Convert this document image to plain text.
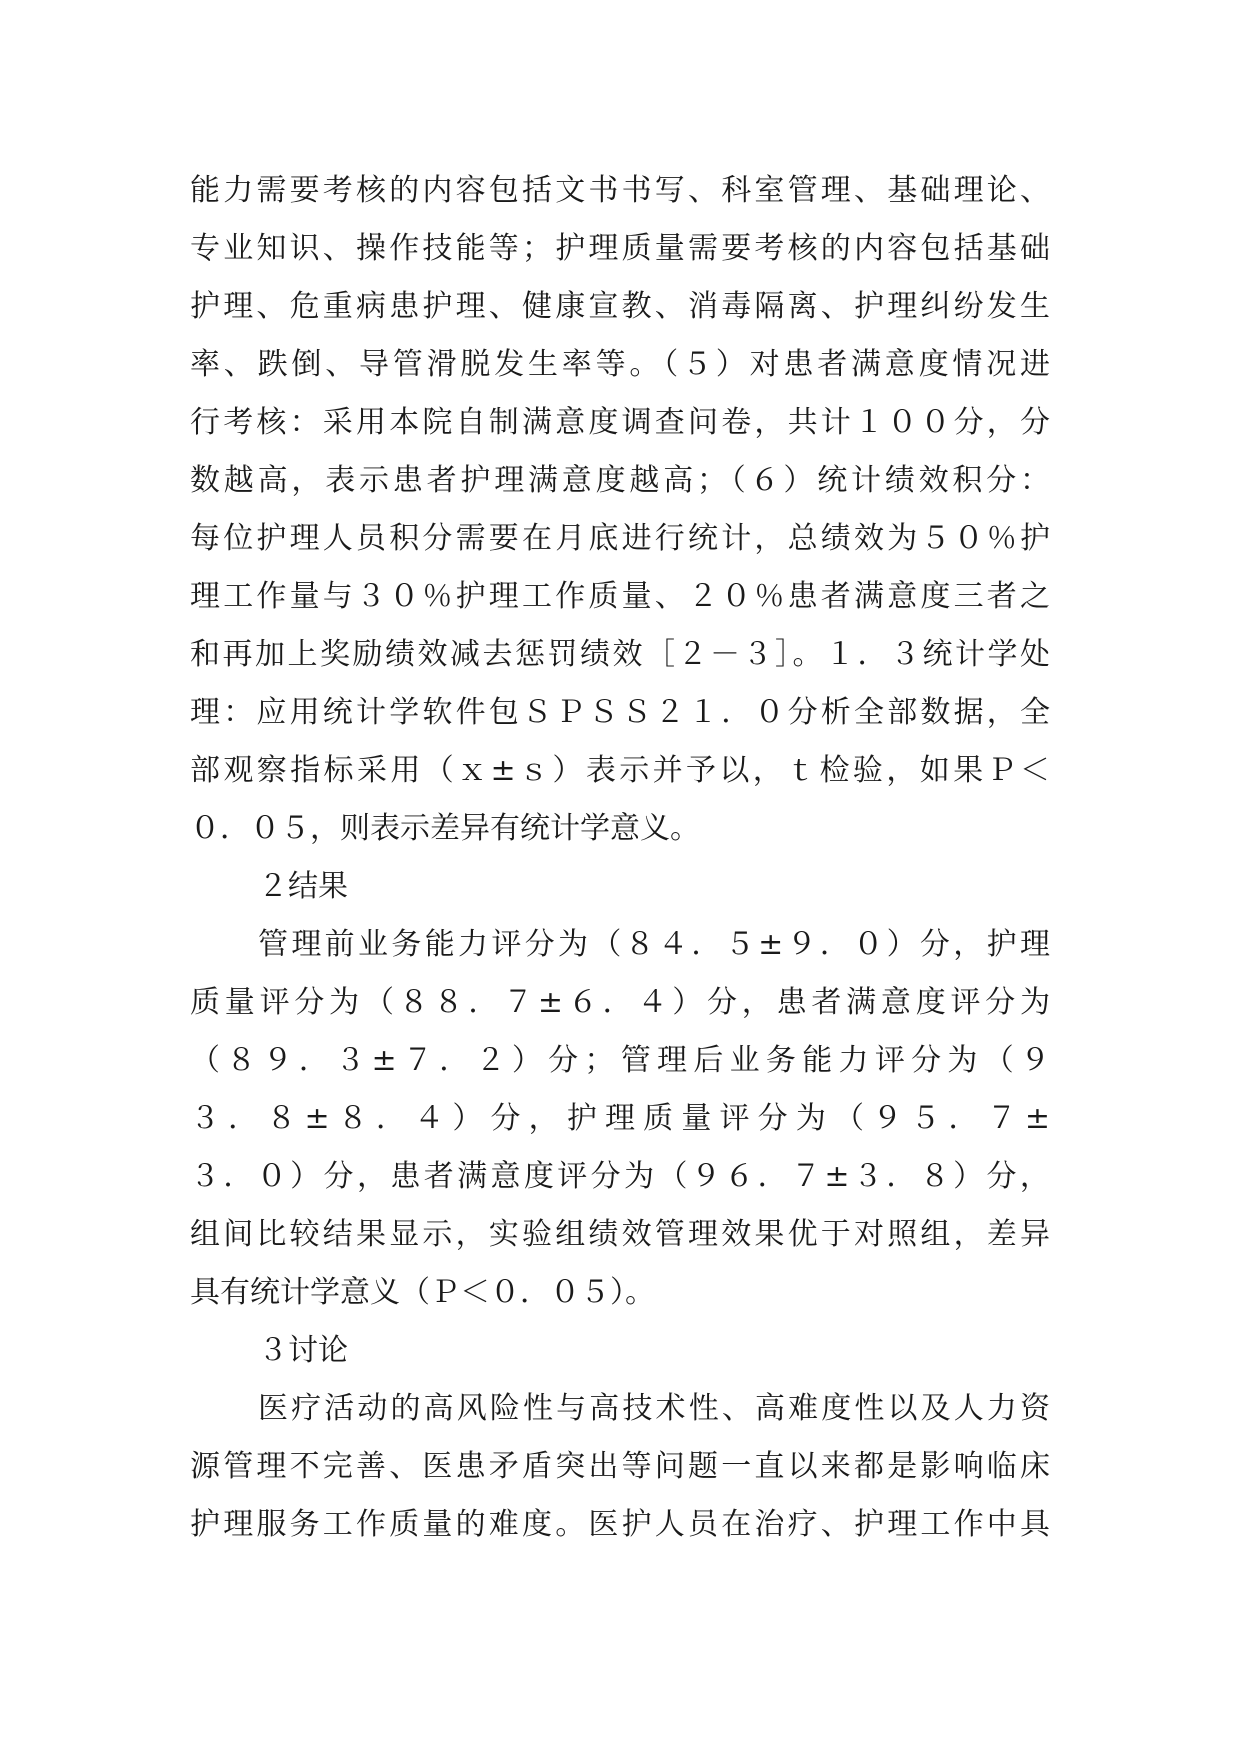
能力需要考核的内容包括文书书写、科室管理、基础理论、
专业知识、操作技能等；护理质量需要考核的内容包括基础
护理、危重病患护理、健康宣教、消毒隔离、护理纠纷发生
率、跌倒、导管滑脱发生率等。（５）对患者满意度情况进
行考核：采用本院自制满意度调查问卷，共计１００分，分
数越高，表示患者护理满意度越高；（６）统计绩效积分：
每位护理人员积分需要在月底进行统计，总绩效为５０％护
理工作量与３０％护理工作质量、２０％患者满意度三者之
和再加上奖励绩效减去惩罚绩效［２－３］。１．３统计学处
理：应用统计学软件包ＳＰＳＳ２１．０分析全部数据，全
部观察指标采用（ｘ±ｓ）表示并予以，ｔ检验，如果Ｐ＜
０．０５，则表示差异有统计学意义。
２结果
管理前业务能力评分为（８４．５±９．０）分，护理
质量评分为（８８．７±６．４）分，患者满意度评分为
（８９．３±７．２）分；管理后业务能力评分为（９
３．８±８．４）分，护理质量评分为（９５．７±
３．０）分，患者满意度评分为（９６．７±３．８）分，
组间比较结果显示，实验组绩效管理效果优于对照组，差异
具有统计学意义（Ｐ＜０．０５）。
３讨论
医疗活动的高风险性与高技术性、高难度性以及人力资
源管理不完善、医患矛盾突出等问题一直以来都是影响临床
护理服务工作质量的难度。医护人员在治疗、护理工作中具
